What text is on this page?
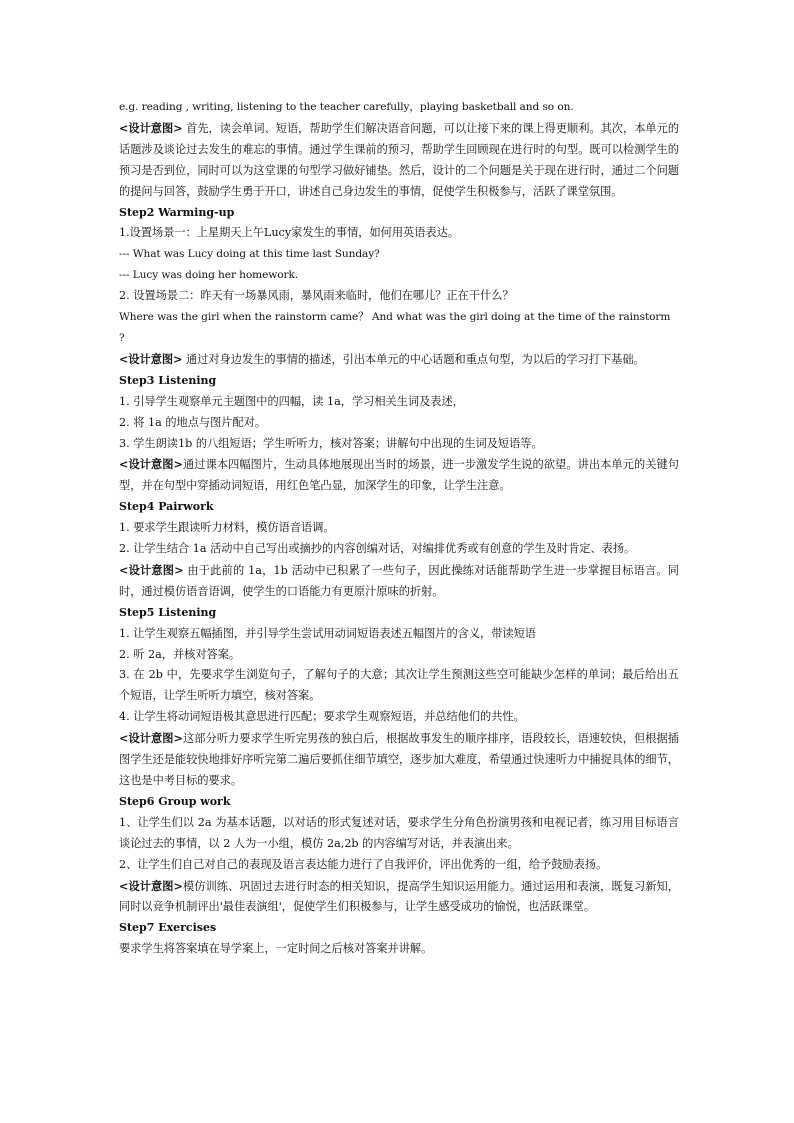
e.g. reading , writing, listening to the teacher carefully，playing basketball and so on.

<设计意图> 首先，读会单词、短语，帮助学生们解决语音问题，可以让接下来的课上得更顺利。其次，本单元的话题涉及谈论过去发生的难忘的事情。通过学生课前的预习，帮助学生回顾现在进行时的句型。既可以检测学生的预习是否到位，同时可以为这堂课的句型学习做好铺垫。然后，设计的二个问题是关于现在进行时，通过二个问题的提问与回答，鼓励学生勇于开口，讲述自己身边发生的事情，促使学生积极参与，活跃了课堂氛围。

Step2 Warming-up

1.设置场景一：上星期天上午Lucy家发生的事情，如何用英语表达。

--- What was Lucy doing at this time last Sunday?

--- Lucy was doing her homework.

2. 设置场景二：昨天有一场暴风雨，暴风雨来临时，他们在哪儿？正在干什么？

Where was the girl when the rainstorm came？ And what was the girl doing at the time of the rainstorm ?

<设计意图> 通过对身边发生的事情的描述，引出本单元的中心话题和重点句型，为以后的学习打下基础。

Step3 Listening

1. 引导学生观察单元主题图中的四幅，读 1a，学习相关生词及表述，

2. 将 1a 的地点与图片配对。

3. 学生朗读1b 的八组短语；学生听听力，核对答案；讲解句中出现的生词及短语等。

<设计意图>通过课本四幅图片，生动具体地展现出当时的场景，进一步激发学生说的欲望。讲出本单元的关键句型，并在句型中穿插动词短语，用红色笔凸显，加深学生的印象，让学生注意。

Step4 Pairwork

1. 要求学生跟读听力材料，模仿语音语调。

2. 让学生结合 1a 活动中自己写出或摘抄的内容创编对话，对编排优秀或有创意的学生及时肯定、表扬。

<设计意图> 由于此前的 1a，1b 活动中已积累了一些句子，因此操练对话能帮助学生进一步掌握目标语言。同时，通过模仿语音语调，使学生的口语能力有更原汁原味的折射。

Step5 Listening

1. 让学生观察五幅插图，并引导学生尝试用动词短语表述五幅图片的含义，带读短语

2. 听 2a，并核对答案。

3. 在 2b 中，先要求学生浏览句子，了解句子的大意；其次让学生预测这些空可能缺少怎样的单词；最后给出五个短语，让学生听听力填空，核对答案。

4. 让学生将动词短语极其意思进行匹配；要求学生观察短语，并总结他们的共性。

<设计意图>这部分听力要求学生听完男孩的独白后，根据故事发生的顺序排序，语段较长，语速较快，但根据插图学生还是能较快地排好序听完第二遍后要抓住细节填空，逐步加大难度，希望通过快速听力中捕捉具体的细节，这也是中考目标的要求。

Step6 Group work

1、让学生们以 2a 为基本话题，以对话的形式复述对话，要求学生分角色扮演男孩和电视记者，练习用目标语言谈论过去的事情，以 2 人为一小组，模仿 2a,2b 的内容编写对话，并表演出来。

2、让学生们自己对自己的表现及语言表达能力进行了自我评价，评出优秀的一组，给予鼓励表扬。

<设计意图>模仿训练、巩固过去进行时态的相关知识，提高学生知识运用能力。通过运用和表演，既复习新知，同时以竞争机制评出'最佳表演组'，促使学生们积极参与，让学生感受成功的愉悦，也活跃课堂。

Step7 Exercises

要求学生将答案填在导学案上，一定时间之后核对答案并讲解。
